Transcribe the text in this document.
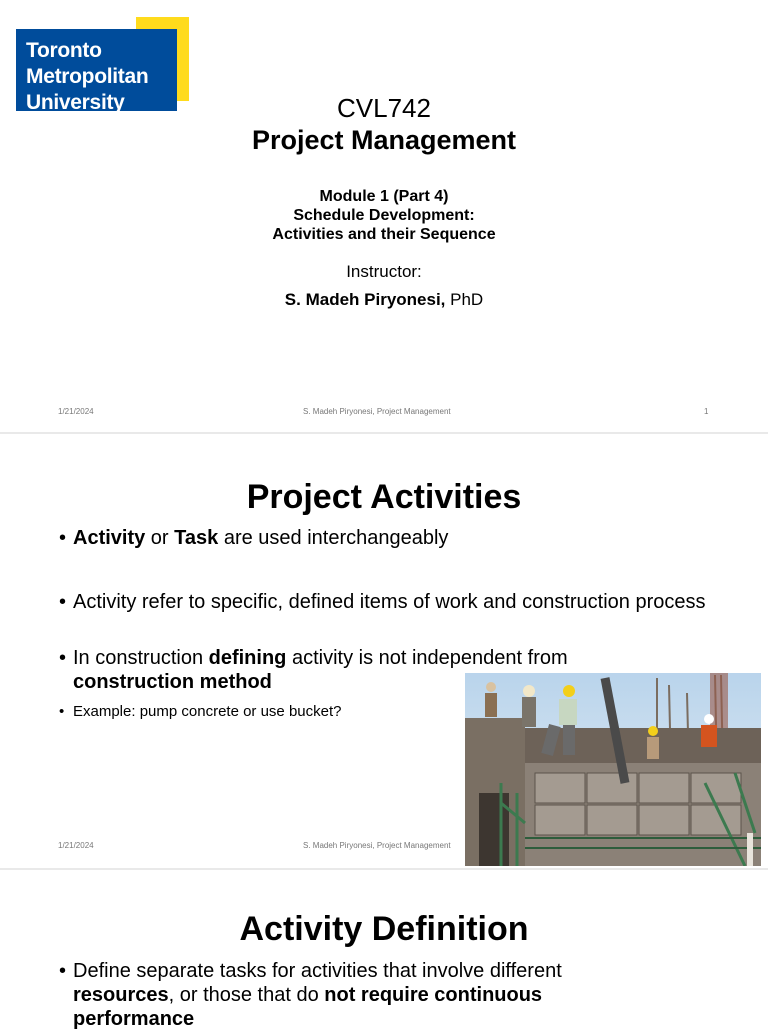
Toronto
Metropolitan
University	CVL742
Project Management
Module 1 (Part 4)
Schedule Development:
Activities and their Sequence
Instructor:
S. Madeh Piryonesi, PhD
1/21/2024	S. Madeh Piryonesi, Project Management	1
Project Activities
• Activity or Task are used interchangeably
• Activity refer to specific, defined items of work and construction process
• In construction defining activity is not independent from construction method
• Example: pump concrete or use bucket?
1/21/2024	S. Madeh Piryonesi, Project Management
Activity Definition
• Define separate tasks for activities that involve different resources, or those that do not require continuous performance
